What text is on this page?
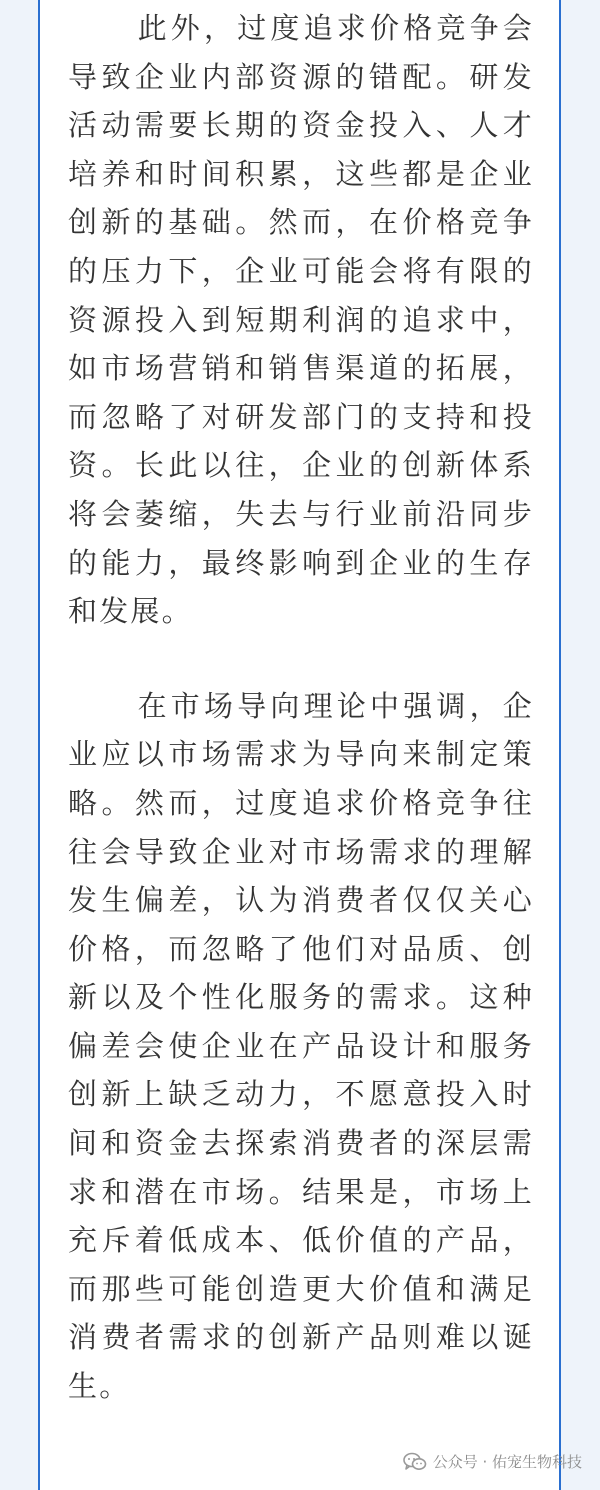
此外，过度追求价格竞争会导致企业内部资源的错配。研发活动需要长期的资金投入、人才培养和时间积累，这些都是企业创新的基础。然而，在价格竞争的压力下，企业可能会将有限的资源投入到短期利润的追求中，如市场营销和销售渠道的拓展，而忽略了对研发部门的支持和投资。长此以往，企业的创新体系将会萎缩，失去与行业前沿同步的能力，最终影响到企业的生存和发展。

在市场导向理论中强调，企业应以市场需求为导向来制定策略。然而，过度追求价格竞争往往会导致企业对市场需求的理解发生偏差，认为消费者仅仅关心价格，而忽略了他们对品质、创新以及个性化服务的需求。这种偏差会使企业在产品设计和服务创新上缺乏动力，不愿意投入时间和资金去探索消费者的深层需求和潜在市场。结果是，市场上充斥着低成本、低价值的产品，而那些可能创造更大价值和满足消费者需求的创新产品则难以诞生。

公众号 · 佑宠生物科技
